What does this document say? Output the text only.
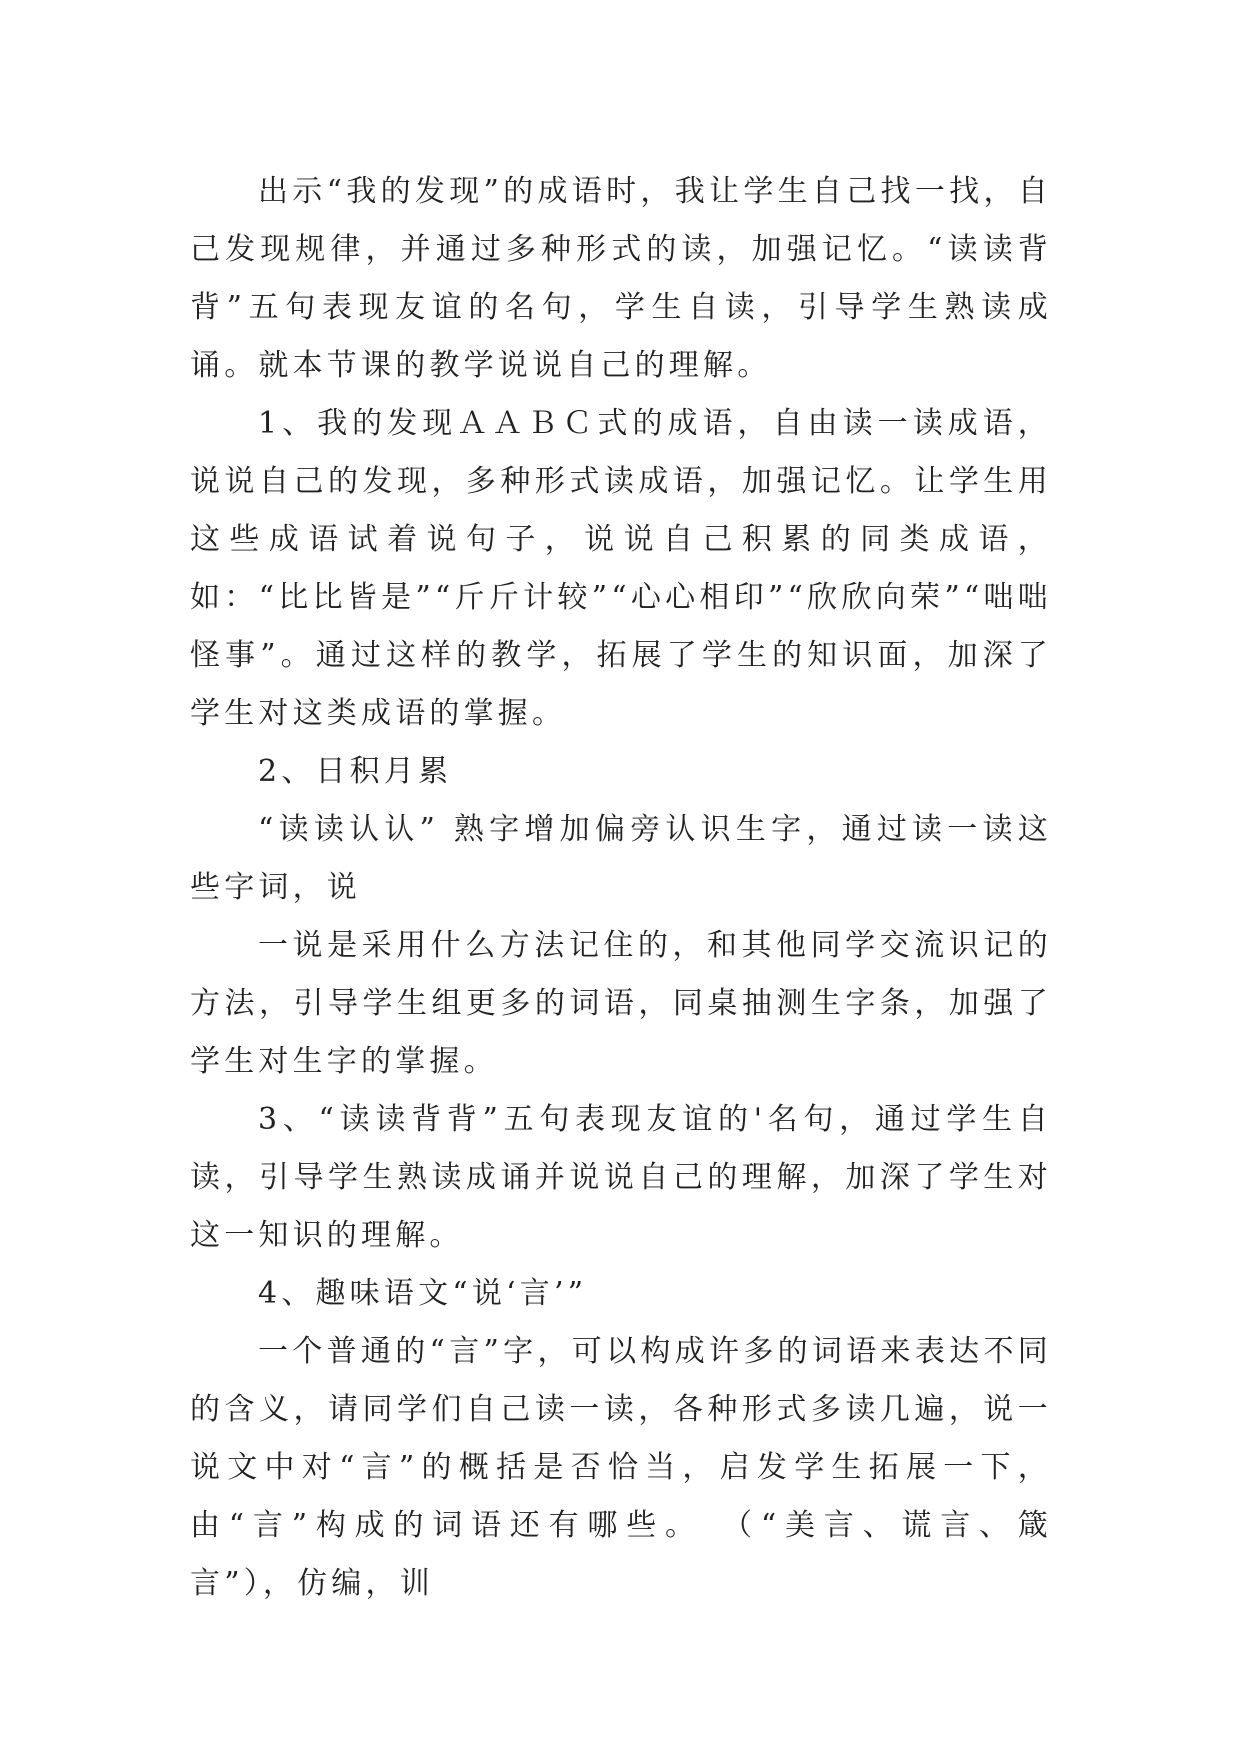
出示“我的发现”的成语时，我让学生自己找一找，自己发现规律，并通过多种形式的读，加强记忆。“读读背背”五句表现友谊的名句，学生自读，引导学生熟读成诵。就本节课的教学说说自己的理解。

1、我的发现ＡＡＢＣ式的成语，自由读一读成语，说说自己的发现，多种形式读成语，加强记忆。让学生用这些成语试着说句子，说说自己积累的同类成语，如：“比比皆是”“斤斤计较”“心心相印”“欣欣向荣”“咄咄怪事”。通过这样的教学，拓展了学生的知识面，加深了学生对这类成语的掌握。

2、日积月累

“读读认认” 熟字增加偏旁认识生字，通过读一读这些字词，说

一说是采用什么方法记住的，和其他同学交流识记的方法，引导学生组更多的词语，同桌抽测生字条，加强了学生对生字的掌握。

3、“读读背背”五句表现友谊的'名句，通过学生自读，引导学生熟读成诵并说说自己的理解，加深了学生对这一知识的理解。

4、趣味语文“说‘言’”

一个普通的“言”字，可以构成许多的词语来表达不同的含义，请同学们自己读一读，各种形式多读几遍，说一说文中对“言”的概括是否恰当，启发学生拓展一下，由“言”构成的词语还有哪些。 （“美言、谎言、箴言”），仿编，训
